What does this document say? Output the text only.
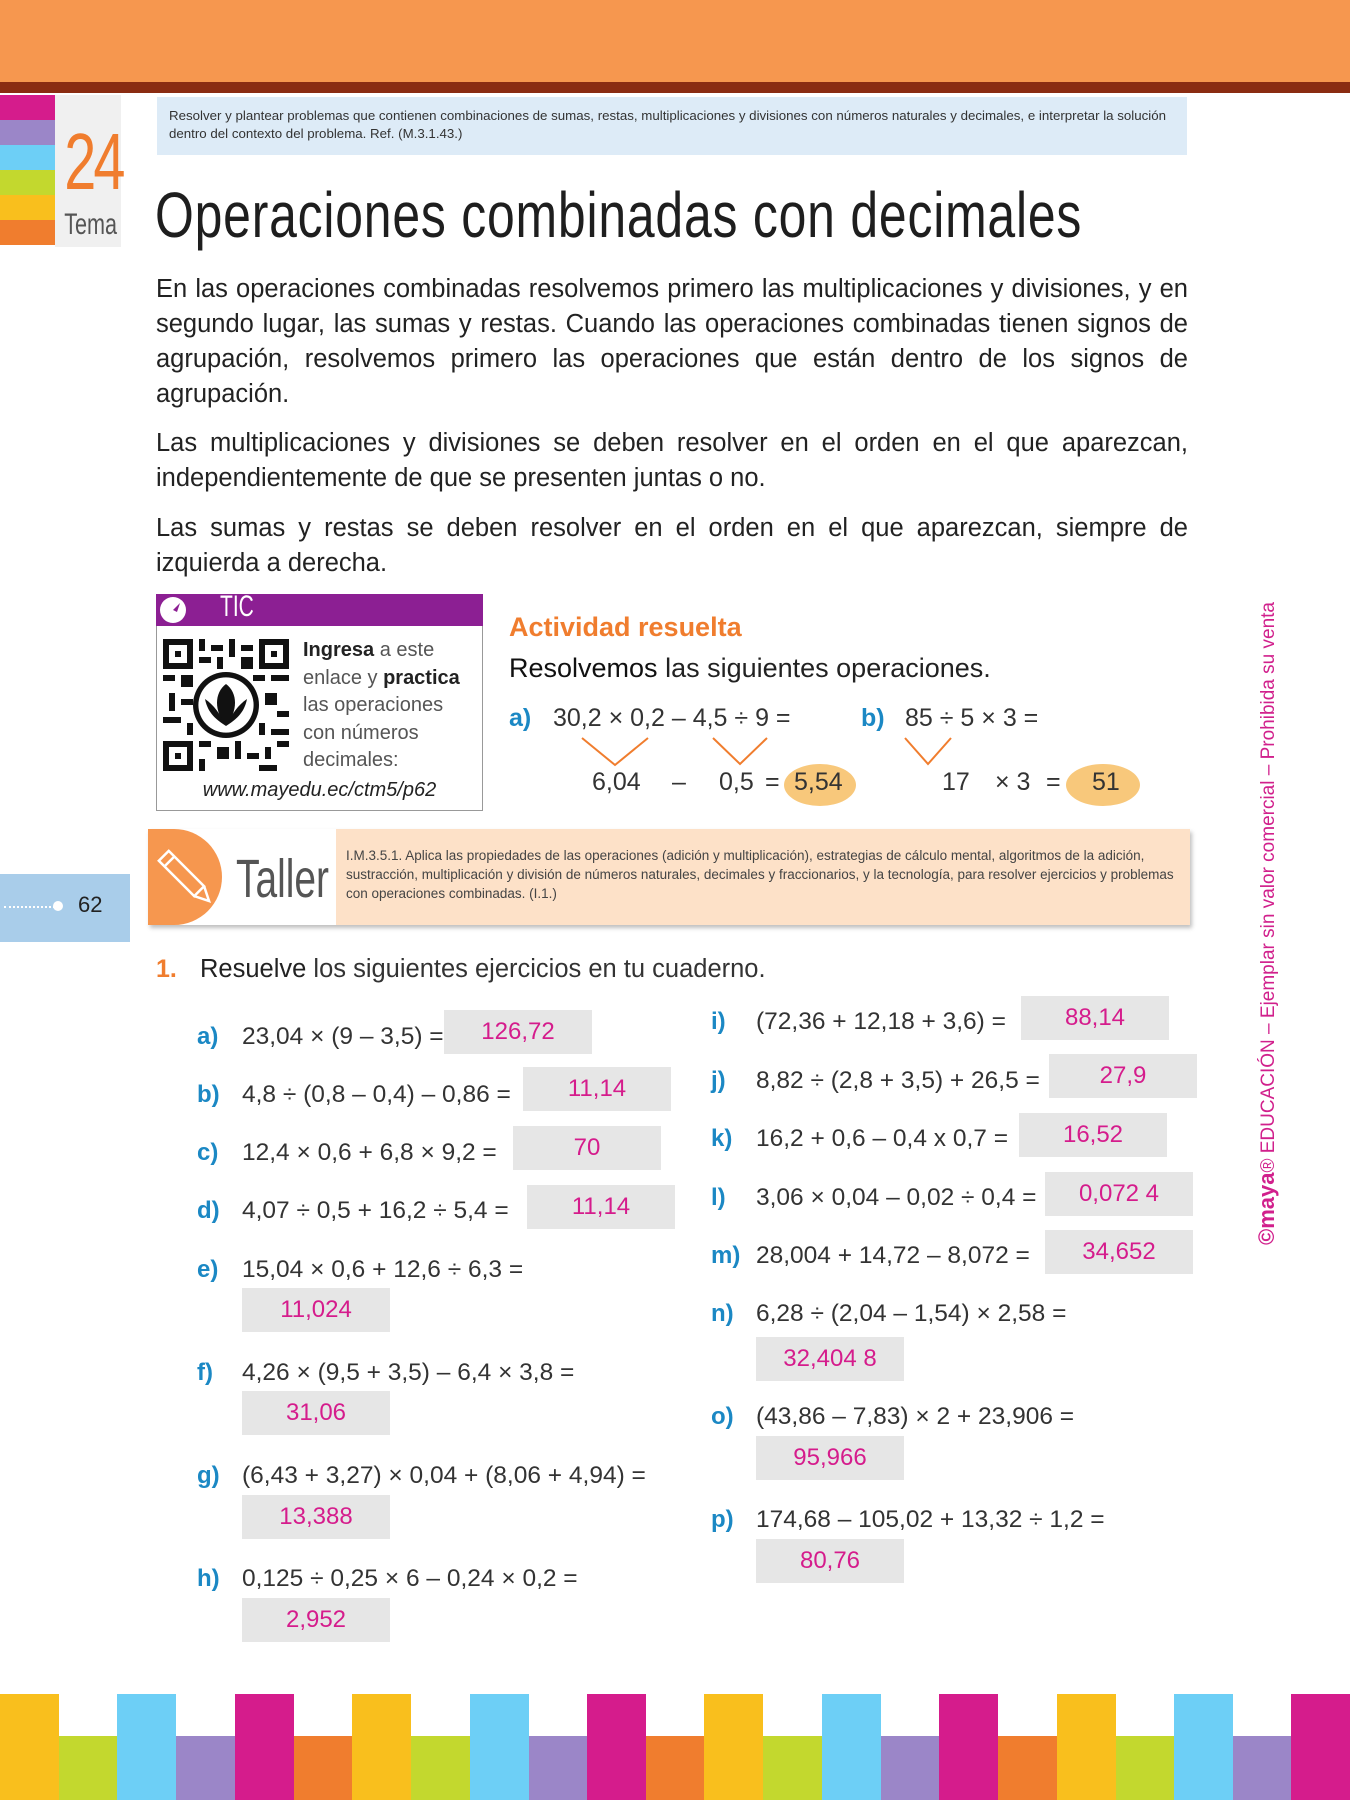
24
Tema
Resolver y plantear problemas que contienen combinaciones de sumas, restas, multiplicaciones y divisiones con números naturales y decimales, e interpretar la solución dentro del contexto del problema. Ref. (M.3.1.43.)
Operaciones combinadas con decimales
En las operaciones combinadas resolvemos primero las multiplicaciones y divisiones, y en segundo lugar, las sumas y restas. Cuando las operaciones combinadas tienen signos de agrupación, resolvemos primero las operaciones que están dentro de los signos de agrupación.
Las multiplicaciones y divisiones se deben resolver en el orden en el que aparezcan, independientemente de que se presenten juntas o no.
Las sumas y restas se deben resolver en el orden en el que aparezcan, siempre de izquierda a derecha.
TIC
Ingresa a este enlace y practica las operaciones con números decimales:
www.mayedu.ec/ctm5/p62
Actividad resuelta
Resolvemos las siguientes operaciones.
a) 30,2 × 0,2 – 4,5 ÷ 9 =
6,04 – 0,5 = 5,54
b) 85 ÷ 5 × 3 =
17 × 3 = 51
Taller I.M.3.5.1. Aplica las propiedades de las operaciones (adición y multiplicación), estrategias de cálculo mental, algoritmos de la adición, sustracción, multiplicación y división de números naturales, decimales y fraccionarios, y la tecnología, para resolver ejercicios y problemas con operaciones combinadas. (I.1.)
62
©maya® EDUCACIÓN – Ejemplar sin valor comercial – Prohibida su venta
1. Resuelve los siguientes ejercicios en tu cuaderno.
a) 23,04 × (9 – 3,5) =	126,72
b) 4,8 ÷ (0,8 – 0,4) – 0,86 =	11,14
c) 12,4 × 0,6 + 6,8 × 9,2 =	70
d) 4,07 ÷ 0,5 + 16,2 ÷ 5,4 =	11,14
e) 15,04 × 0,6 + 12,6 ÷ 6,3 =
11,024
f) 4,26 × (9,5 + 3,5) – 6,4 × 3,8 =
31,06
g) (6,43 + 3,27) × 0,04 + (8,06 + 4,94) =
13,388
h) 0,125 ÷ 0,25 × 6 – 0,24 × 0,2 =
2,952
i) (72,36 + 12,18 + 3,6) =	88,14
j) 8,82 ÷ (2,8 + 3,5) + 26,5 =	27,9
k) 16,2 + 0,6 – 0,4 x 0,7 =	16,52
l) 3,06 × 0,04 – 0,02 ÷ 0,4 =	0,072 4
m) 28,004 + 14,72 – 8,072 =	34,652
n) 6,28 ÷ (2,04 – 1,54) × 2,58 =
32,404 8
o) (43,86 – 7,83) × 2 + 23,906 =
95,966
p) 174,68 – 105,02 + 13,32 ÷ 1,2 =
80,76
